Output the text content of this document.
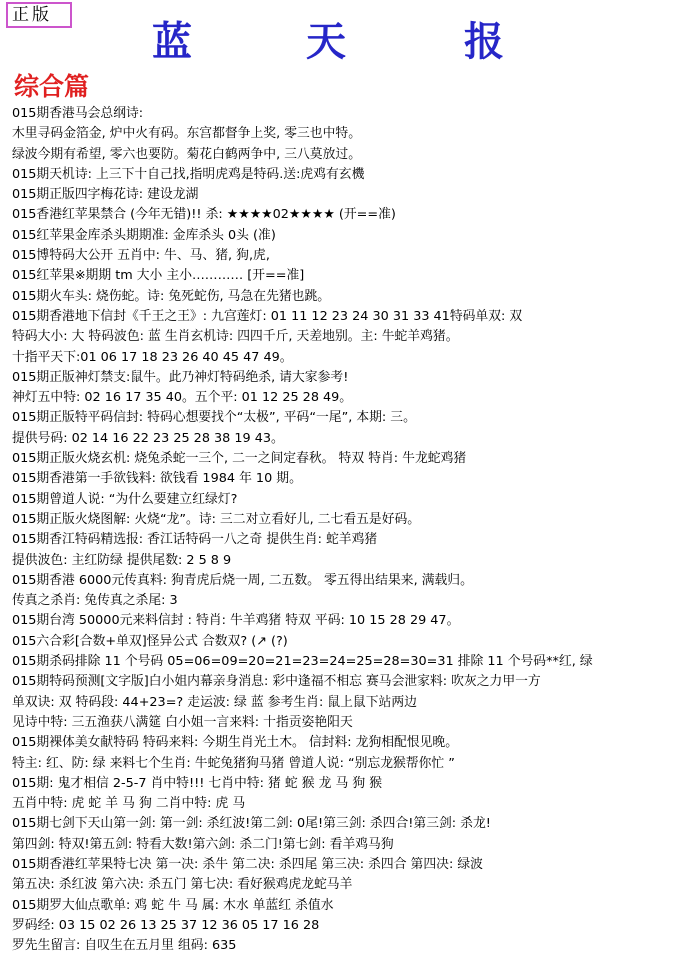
正版
蓝	天	报
综合篇
015期香港马会总纲诗:
木里寻码金箔金, 炉中火有码。东宫都督争上奖, 零三也中特。
绿波今期有希望, 零六也要防。菊花白鹤两争中, 三八莫放过。
015期天机诗: 上三下十自己找,指明虎鸡是特码.送:虎鸡有玄機
015期正版四字梅花诗: 建设龙湖
015香港红苹果禁合 (今年无错)!! 杀: ★★★★02★★★★ (开==准)
015红苹果金库杀头期期准: 金库杀头 0头 (准)
015博特码大公开 五肖中: 牛、马、猪, 狗,虎,
015红苹果※期期 tm 大小 主小………… [开==准]
015期火车头: 烧伤蛇。诗: 兔死蛇伤, 马急在先猪也跳。
015期香港地下信封《千王之王》: 九宫莲灯: 01 11 12 23 24 30 31 33 41特码单双: 双
特码大小: 大 特码波色: 蓝 生肖玄机诗: 四四千斤, 天差地别。主: 牛蛇羊鸡猪。
十指平天下:01 06 17 18 23 26 40 45 47 49。
015期正版神灯禁支:鼠牛。此乃神灯特码绝杀, 请大家参考!
神灯五中特: 02 16 17 35 40。五个平: 01 12 25 28 49。
015期正版特平码信封: 特码心想要找个“太极”, 平码“一尾”, 本期: 三。
提供号码: 02 14 16 22 23 25 28 38 19 43。
015期正版火烧玄机: 烧兔杀蛇一三个, 二一之间定春秋。 特双 特肖: 牛龙蛇鸡猪
015期香港第一手欲钱料: 欲钱看 1984 年 10 期。
015期曾道人说: “为什么要建立红绿灯?
015期正版火烧图解: 火烧“龙”。诗: 三二对立看好儿, 二七看五是好码。
015期香江特码精选报: 香江话特码一八之奇 提供生肖: 蛇羊鸡猪
提供波色: 主红防绿 提供尾数: 2 5 8 9
015期香港 6000元传真料: 狗青虎后烧一周, 二五数。 零五得出结果来, 满载归。
传真之杀肖: 兔传真之杀尾: 3
015期台湾 50000元来料信封 : 特肖: 牛羊鸡猪 特双 平码: 10 15 28 29 47。
015六合彩[合数+单双]怪异公式 合数双? (↗ (?)
015期杀码排除 11 个号码 05=06=09=20=21=23=24=25=28=30=31 排除 11 个号码**红, 绿
015期特码预测[文字版]白小姐内幕亲身消息: 彩中逢福不相忘 赛马会泄家料: 吹灰之力甲一方
单双诀: 双 特码段: 44+23=? 走运波: 绿 蓝 参考生肖: 鼠上鼠下站两边
见诗中特: 三五渔获八满筵 白小姐一言来料: 十指贡姿艳阳天
015期裸体美女献特码 特码来料: 今期生肖光土木。 信封料: 龙狗相配恨见晚。
特主: 红、防: 绿 来料七个生肖: 牛蛇兔猪狗马猪 曾道人说: “别忘龙猴帮你忙 ”
015期: 鬼才相信 2-5-7 肖中特!!! 七肖中特: 猪 蛇 猴 龙 马 狗 猴
五肖中特: 虎 蛇 羊 马 狗 二肖中特: 虎 马
015期七剑下天山第一剑: 第一剑: 杀红波!第二剑: 0尾!第三剑: 杀四合!第三剑: 杀龙!
第四剑: 特双!第五剑: 特看大数!第六剑: 杀二门!第七剑: 看羊鸡马狗
015期香港红苹果特七决 第一决: 杀牛 第二决: 杀四尾 第三决: 杀四合 第四决: 绿波
第五决: 杀红波 第六决: 杀五门 第七决: 看好猴鸡虎龙蛇马羊
015期罗大仙点歌单: 鸡 蛇 牛 马 属: 木水 单蓝红 杀值水
罗码经: 03 15 02 26 13 25 37 12 36 05 17 16 28
罗先生留言: 自叹生在五月里 组码: 635
